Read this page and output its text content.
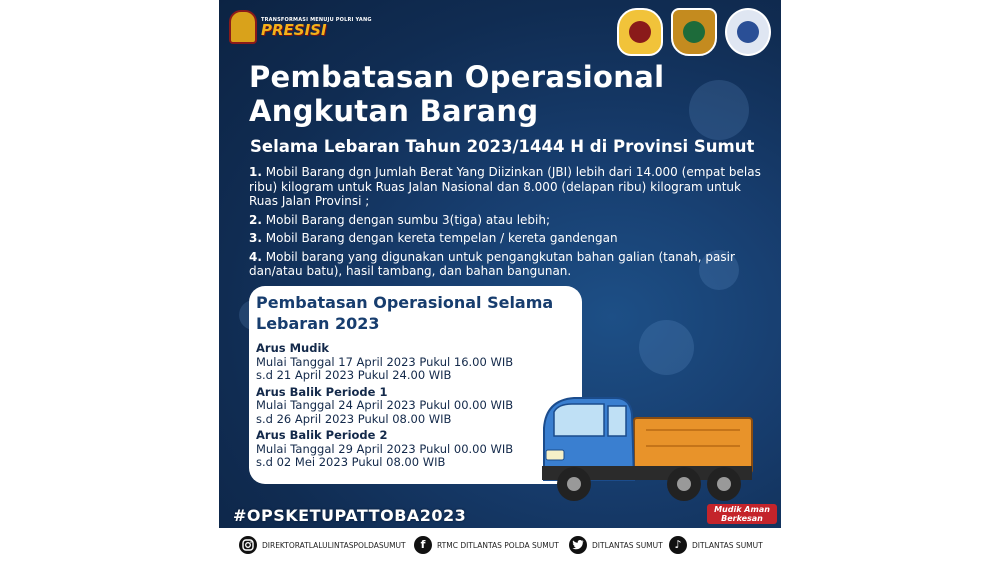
TRANSFORMASI MENUJU POLRI YANG
PRESISI
Pembatasan Operasional
Angkutan Barang
Selama Lebaran Tahun 2023/1444 H di Provinsi Sumut
1. Mobil Barang dgn Jumlah Berat Yang Diizinkan (JBI) lebih dari 14.000 (empat belas ribu) kilogram untuk Ruas Jalan Nasional dan 8.000 (delapan ribu) kilogram untuk Ruas Jalan Provinsi ;
2. Mobil Barang dengan sumbu 3(tiga) atau lebih;
3. Mobil Barang dengan kereta tempelan / kereta gandengan
4. Mobil barang yang digunakan untuk pengangkutan bahan galian (tanah, pasir dan/atau batu), hasil tambang, dan bahan bangunan.
Pembatasan Operasional Selama Lebaran 2023
Arus Mudik
Mulai Tanggal 17 April 2023 Pukul 16.00 WIB
s.d 21 April 2023 Pukul 24.00 WIB
Arus Balik Periode 1
Mulai Tanggal 24 April 2023 Pukul 00.00 WIB
s.d 26 April 2023 Pukul 08.00 WIB
Arus Balik Periode 2
Mulai Tanggal 29 April 2023 Pukul 00.00 WIB
s.d 02 Mei 2023 Pukul 08.00 WIB
#OPSKETUPATTOBA2023	Mudik Aman Berkesan
DIREKTORATLALULINTASPOLDASUMUT	f	RTMC DITLANTAS POLDA SUMUT	DITLANTAS SUMUT	♪	DITLANTAS SUMUT
